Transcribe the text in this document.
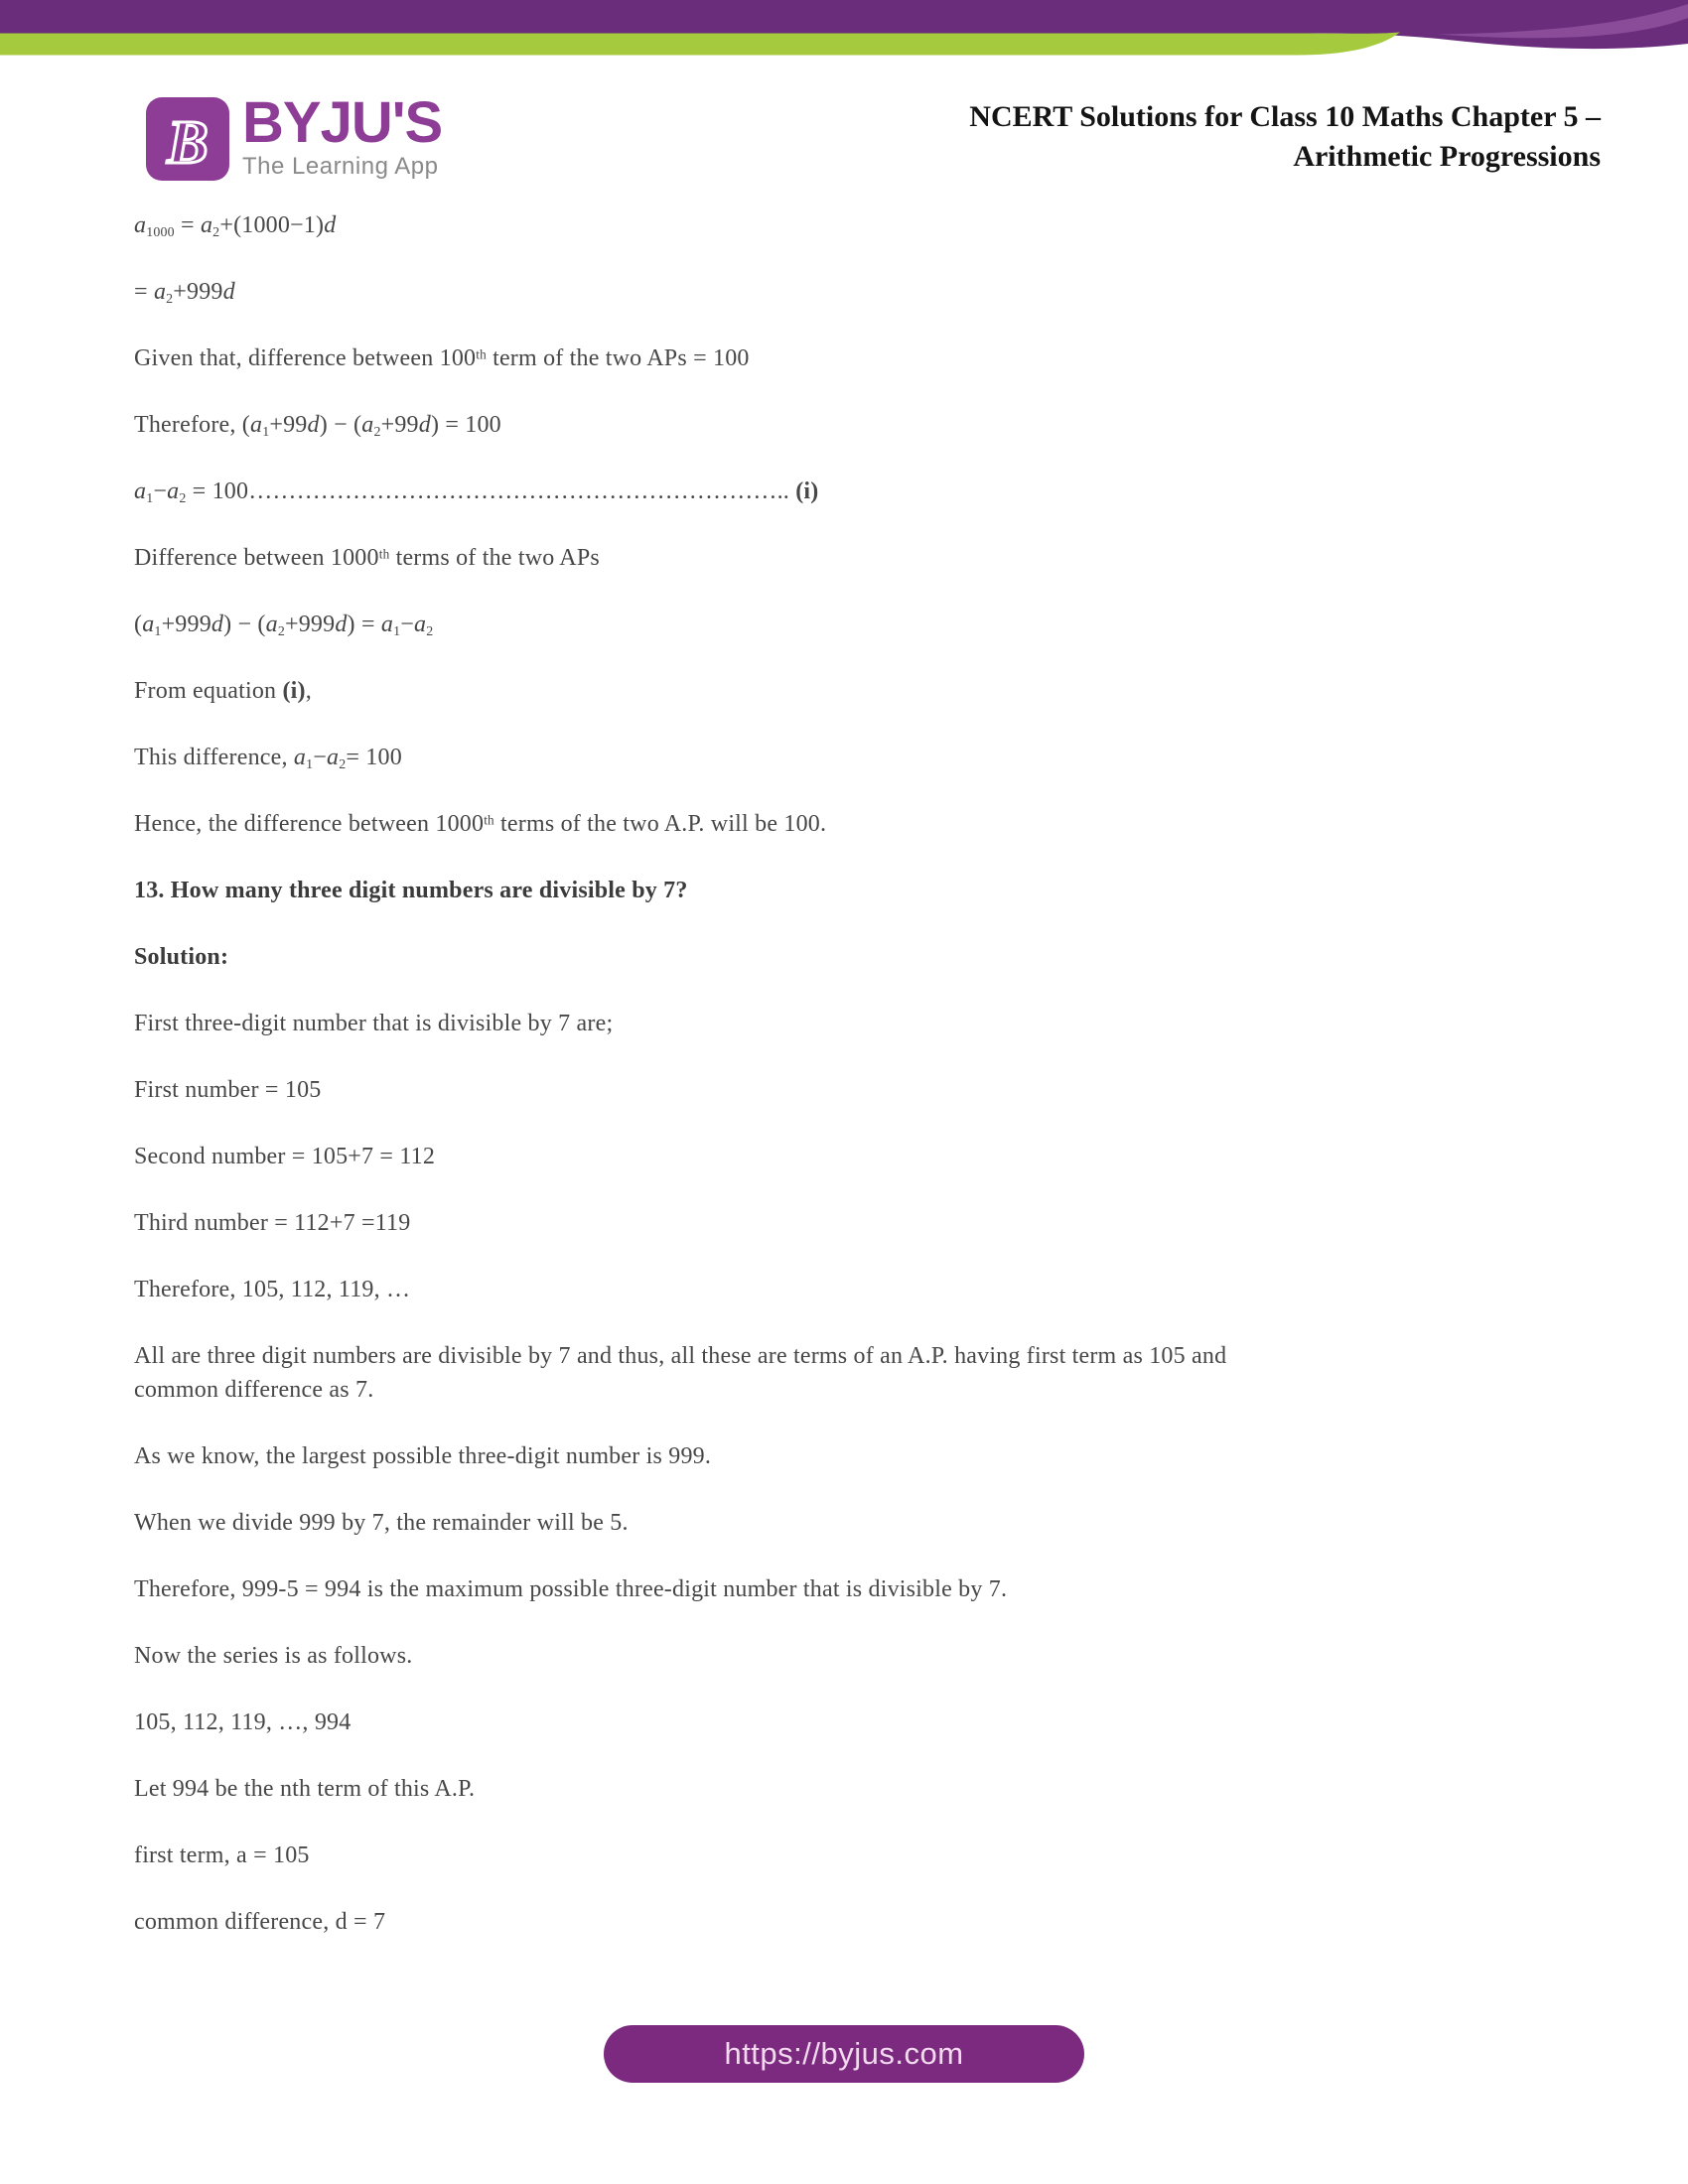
B BYJU'S
The Learning App
NCERT Solutions for Class 10 Maths Chapter 5 –
Arithmetic Progressions

$a_{1000} = a_2+(1000-1)d$

= $a_2+999d$

Given that, difference between 100th term of the two APs = 100

Therefore, $(a_1+99d) - (a_2+99d) = 100$

$a_1-a_2$ = 100………………………………………………………….. (i)

Difference between 1000th terms of the two APs

$(a_1+999d) - (a_2+999d) = a_1-a_2$

From equation (i),

This difference, $a_1-a_2= 100$

Hence, the difference between 1000th terms of the two A.P. will be 100.

13. How many three digit numbers are divisible by 7?

Solution:

First three-digit number that is divisible by 7 are;

First number = 105

Second number = 105+7 = 112

Third number = 112+7 =119

Therefore, 105, 112, 119, …

All are three digit numbers are divisible by 7 and thus, all these are terms of an A.P. having first term as 105 and
common difference as 7.

As we know, the largest possible three-digit number is 999.

When we divide 999 by 7, the remainder will be 5.

Therefore, 999-5 = 994 is the maximum possible three-digit number that is divisible by 7.

Now the series is as follows.

105, 112, 119, …, 994

Let 994 be the nth term of this A.P.

first term, a = 105

common difference, d = 7

https://byjus.com
